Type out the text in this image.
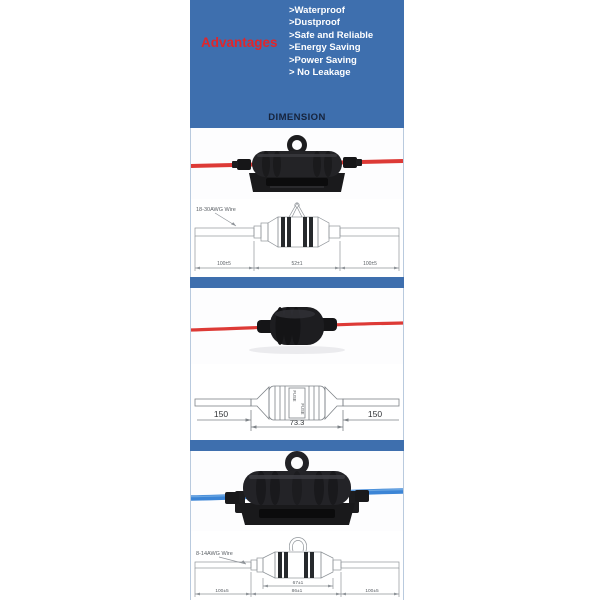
Advantages
>Waterproof
>Dustproof
>Safe and Reliable
>Energy Saving
>Power Saving
> No Leakage
DIMENSION
18-30AWG Wire
100±5	52±1	100±5
FUSE
FUSE
150
73.3
150
8-14AWG Wire
67±1
100±5	86±1	100±5
